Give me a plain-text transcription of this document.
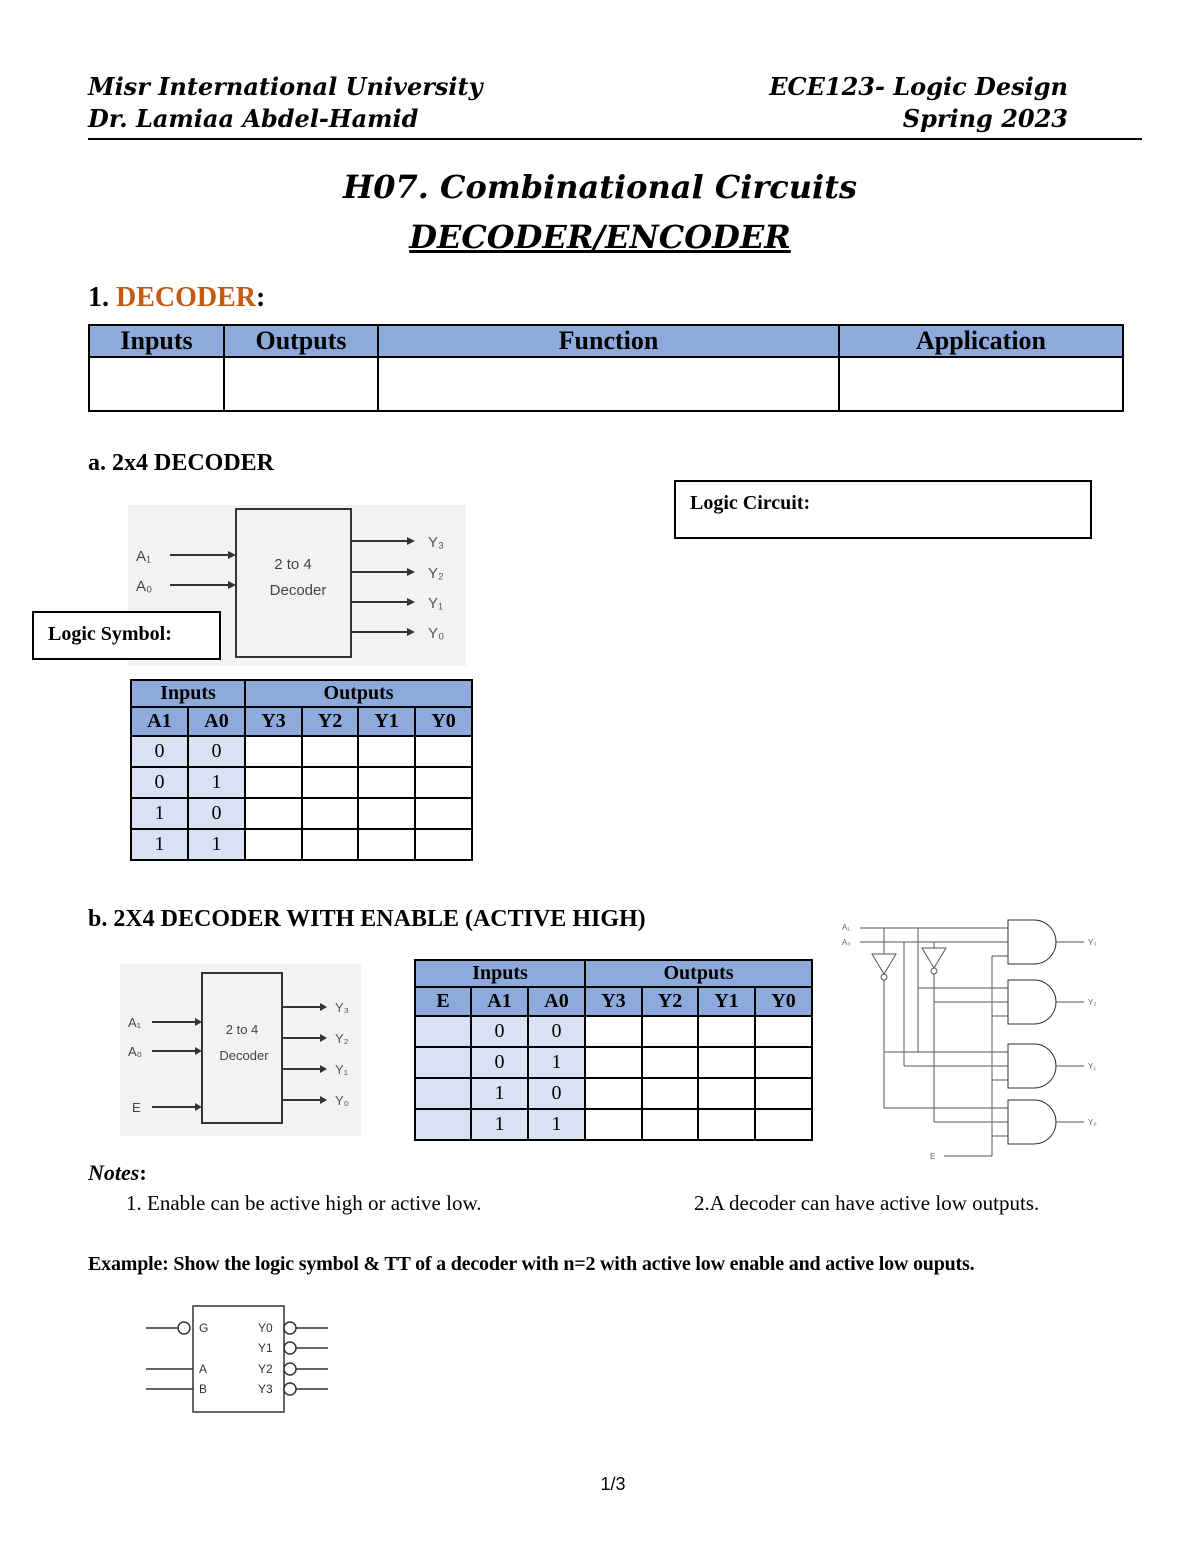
Misr International University
Dr. Lamiaa Abdel-Hamid
ECE123- Logic Design
Spring 2023
H07. Combinational Circuits
DECODER/ENCODER
1. DECODER:
Inputs	Outputs	Function	Application

a. 2x4 DECODER
Logic Circuit:
2 to 4
Decoder
A₁
A₀
Y₃
Y₂
Y₁
Y₀
Logic Symbol:
Inputs		Outputs			
A1	A0	Y3	Y2	Y1	Y0
0	0				
0	1				
1	0				
1	1				
b. 2X4 DECODER WITH ENABLE (ACTIVE HIGH)
2 to 4
Decoder
A₁
A₀
E
Y₃
Y₂
Y₁
Y₀
Inputs			Outputs			
E	A1	A0	Y3	Y2	Y1	Y0
	0	0				
	0	1				
	1	0				
	1	1				
A₁
A₀
E
Y₃
Y₂
Y₁
Y₀
Notes:
1. Enable can be active high or active low.	2.A decoder can have active low outputs.
Example: Show the logic symbol & TT of a decoder with n=2 with active low enable and active low ouputs.
G
A
B
Y0
Y1
Y2
Y3
1/3
